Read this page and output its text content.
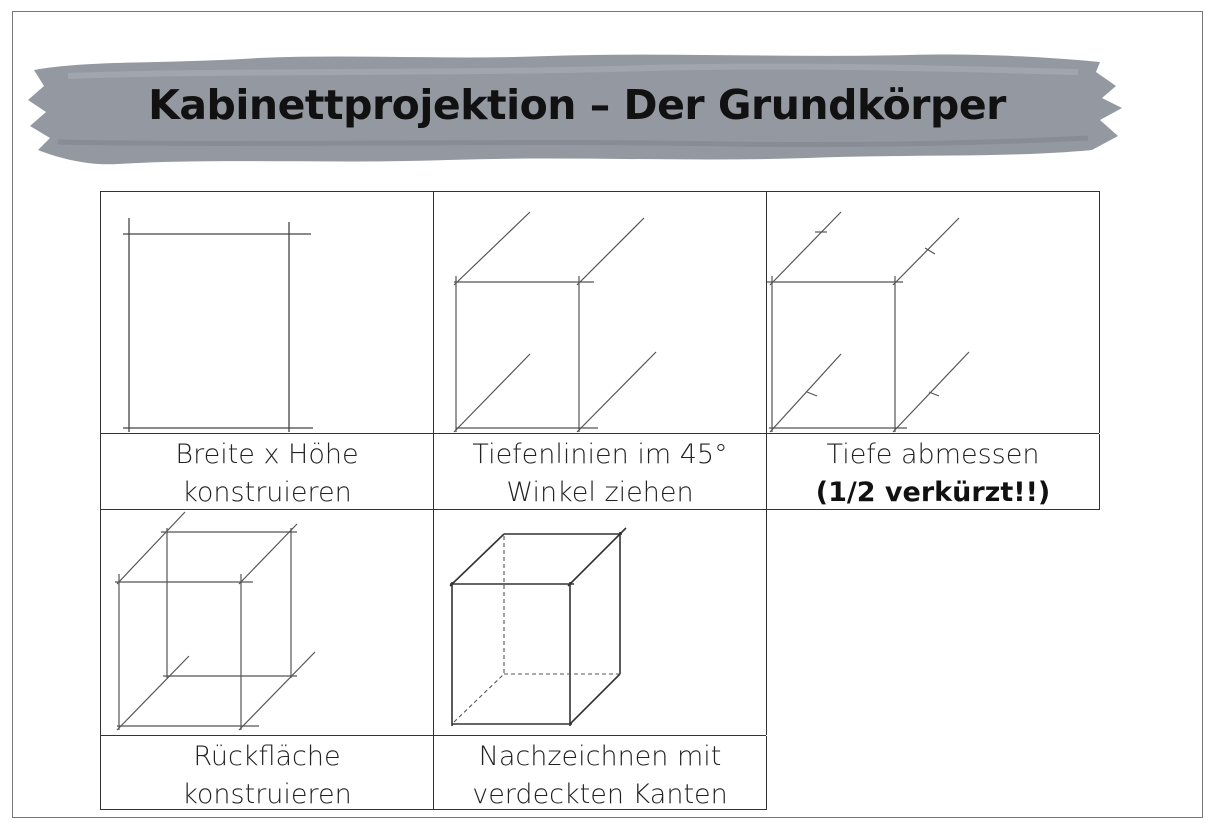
Kabinettprojektion – Der Grundkörper
Breite x Höhe
konstruieren
Tiefenlinien im 45°
Winkel ziehen
Tiefe abmessen
(1/2 verkürzt!!)
Rückfläche
konstruieren
Nachzeichnen mit
verdeckten Kanten
